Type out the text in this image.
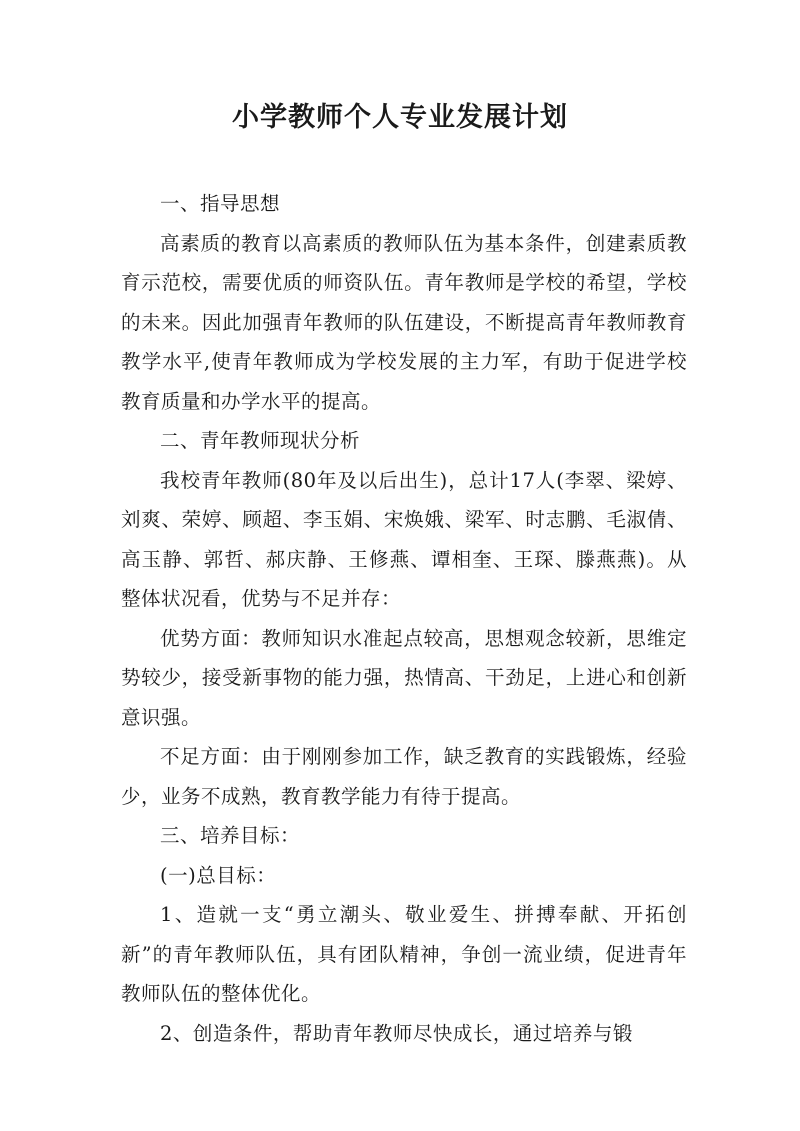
小学教师个人专业发展计划

一、指导思想

高素质的教育以高素质的教师队伍为基本条件，创建素质教育示范校，需要优质的师资队伍。青年教师是学校的希望，学校的未来。因此加强青年教师的队伍建设，不断提高青年教师教育教学水平,使青年教师成为学校发展的主力军，有助于促进学校教育质量和办学水平的提高。

二、青年教师现状分析

我校青年教师(80年及以后出生)，总计17人(李翠、梁婷、刘爽、荣婷、顾超、李玉娟、宋焕娥、梁军、时志鹏、毛淑倩、高玉静、郭哲、郝庆静、王修燕、谭相奎、王琛、滕燕燕)。从整体状况看，优势与不足并存：

优势方面：教师知识水准起点较高，思想观念较新，思维定势较少，接受新事物的能力强，热情高、干劲足，上进心和创新意识强。

不足方面：由于刚刚参加工作，缺乏教育的实践锻炼，经验少，业务不成熟，教育教学能力有待于提高。

三、培养目标：

(一)总目标：

1、造就一支“勇立潮头、敬业爱生、拼搏奉献、开拓创新”的青年教师队伍，具有团队精神，争创一流业绩，促进青年教师队伍的整体优化。

2、创造条件，帮助青年教师尽快成长，通过培养与锻
